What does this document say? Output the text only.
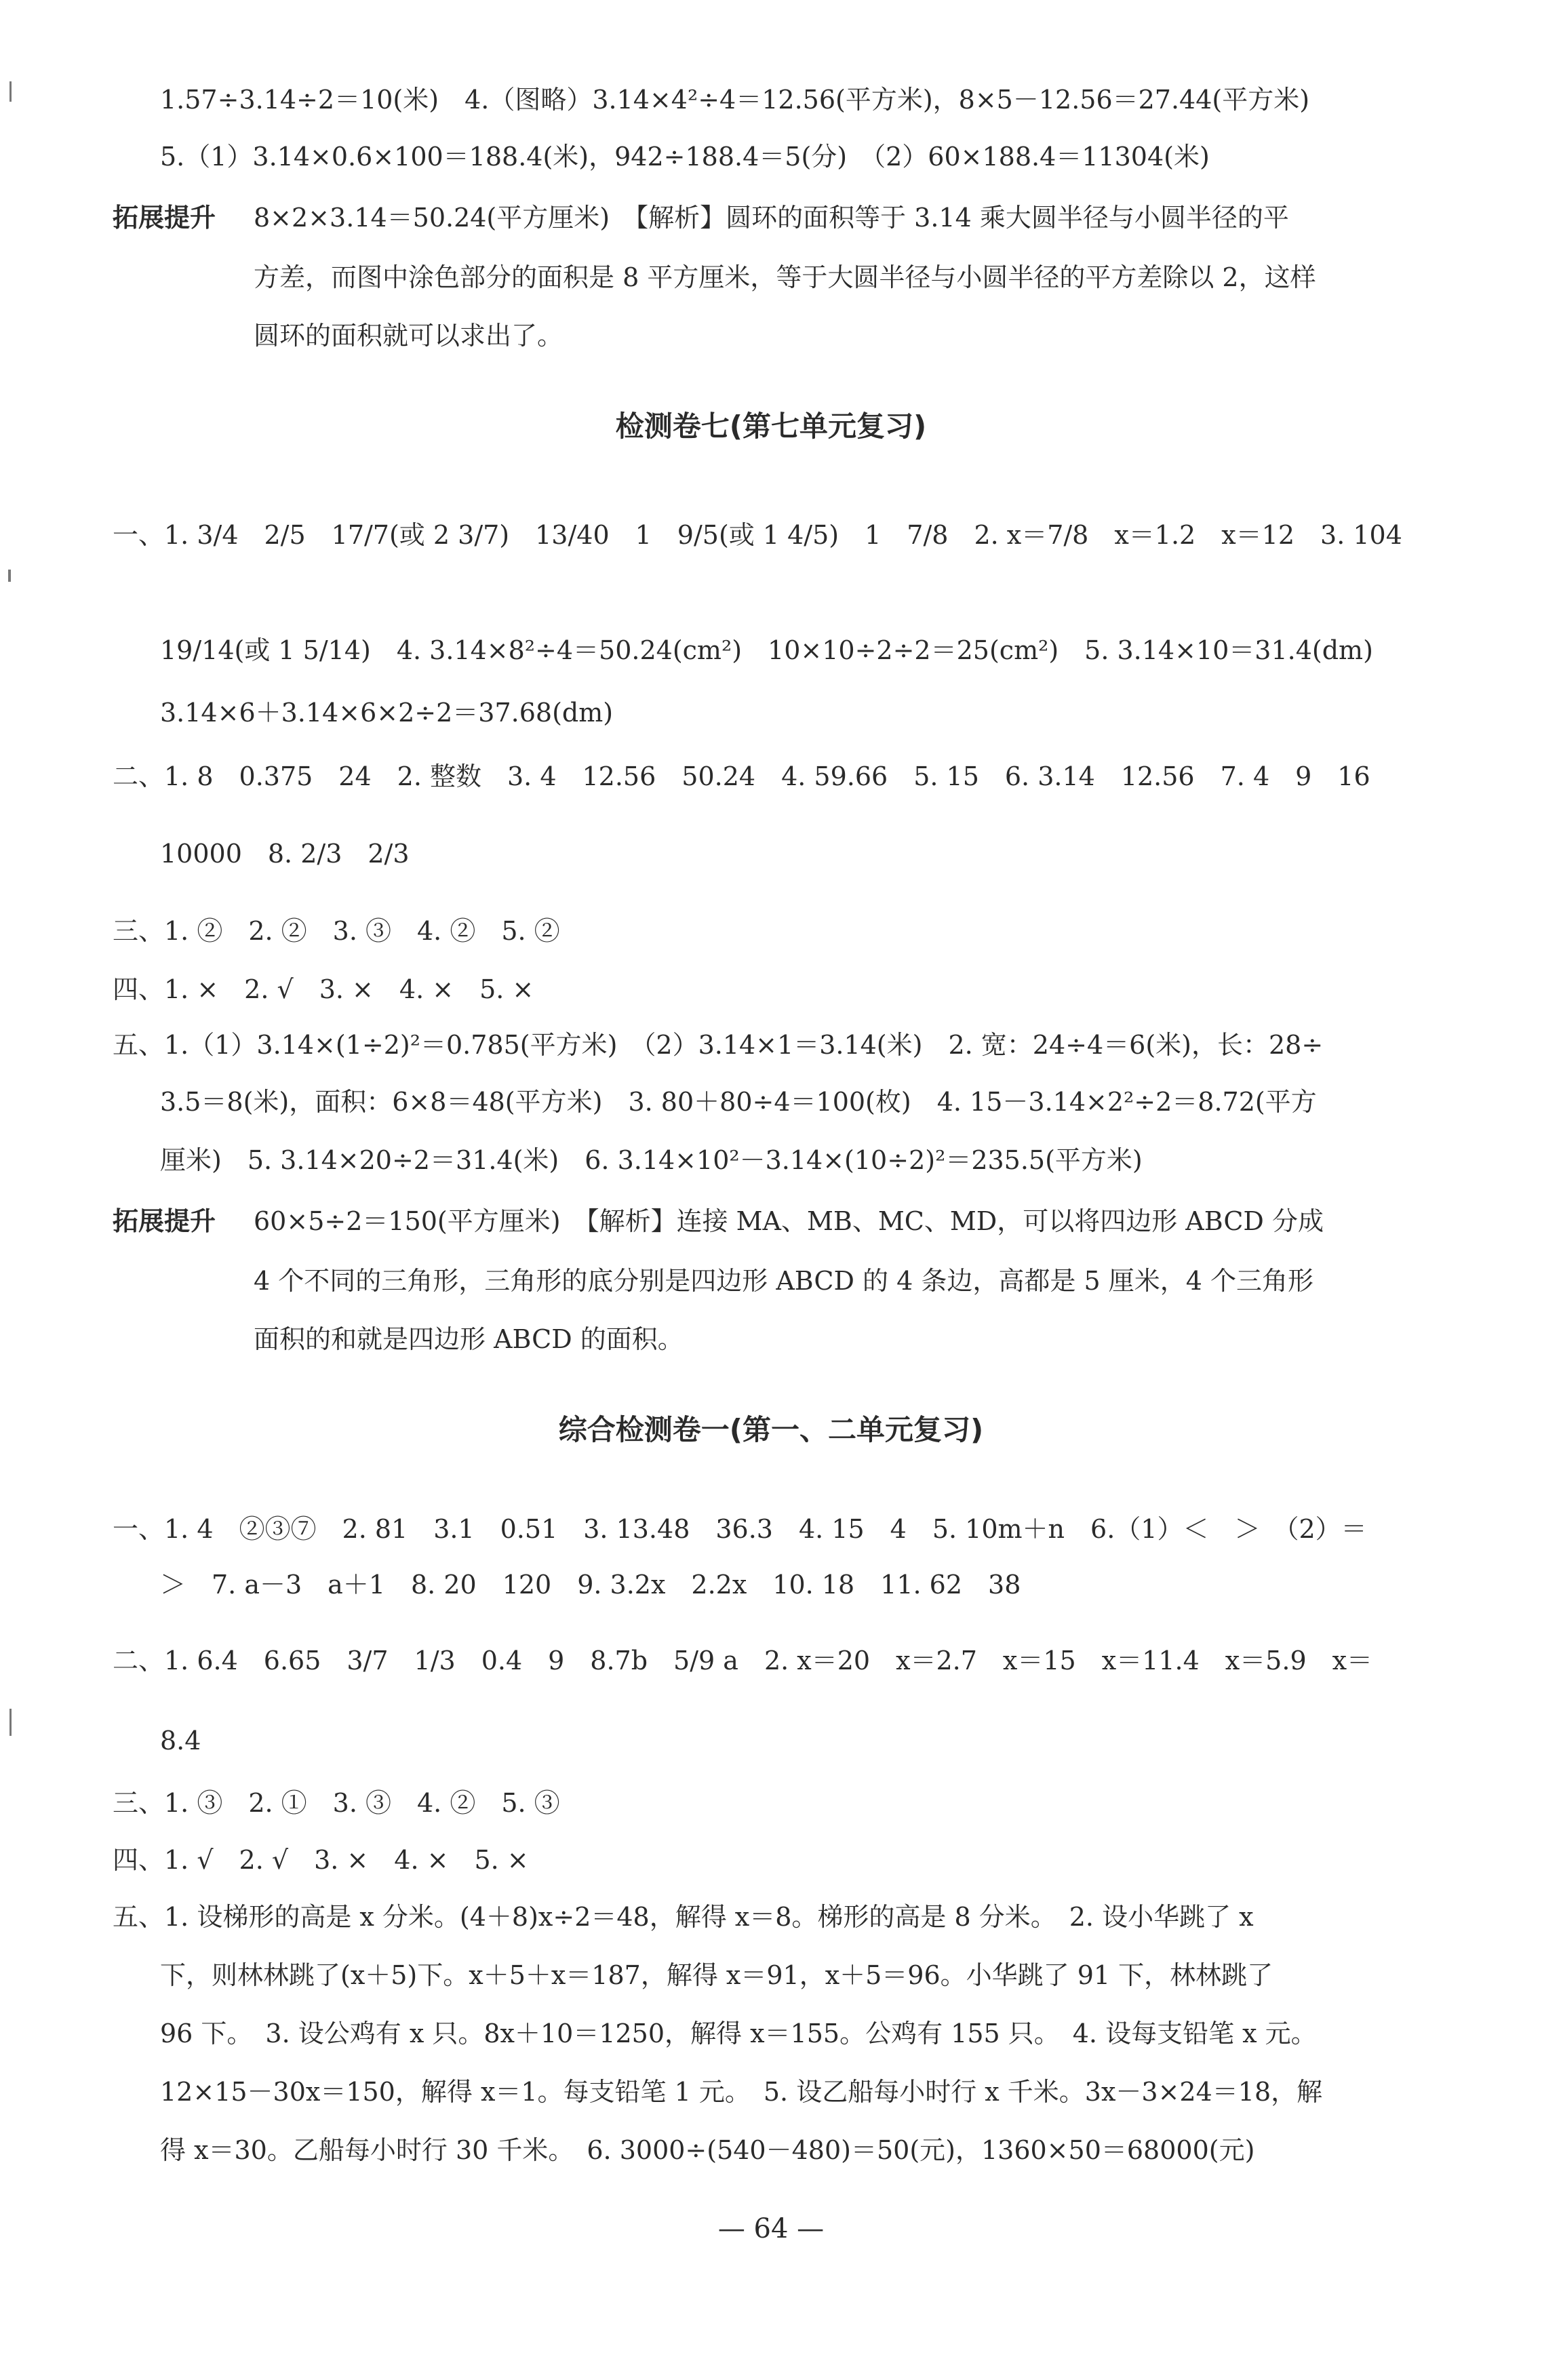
1.57÷3.14÷2＝10(米)　4.（图略）3.14×4²÷4＝12.56(平方米)，8×5－12.56＝27.44(平方米)
5.（1）3.14×0.6×100＝188.4(米)，942÷188.4＝5(分)　（2）60×188.4＝11304(米)
拓展提升 8×2×3.14＝50.24(平方厘米)　【解析】圆环的面积等于 3.14 乘大圆半径与小圆半径的平
方差，而图中涂色部分的面积是 8 平方厘米，等于大圆半径与小圆半径的平方差除以 2，这样
圆环的面积就可以求出了。
检测卷七(第七单元复习)
一、1. 3/4　2/5　17/7(或 2 3/7)　13/40　1　9/5(或 1 4/5)　1　7/8　2. x＝7/8　x＝1.2　x＝12　3. 104
19/14(或 1 5/14)　4. 3.14×8²÷4＝50.24(cm²)　10×10÷2÷2＝25(cm²)　5. 3.14×10＝31.4(dm)
3.14×6＋3.14×6×2÷2＝37.68(dm)
二、1. 8　0.375　24　2. 整数　3. 4　12.56　50.24　4. 59.66　5. 15　6. 3.14　12.56　7. 4　9　16
10000　8. 2/3　2/3
三、1. ②　2. ②　3. ③　4. ②　5. ②
四、1. ×　2. √　3. ×　4. ×　5. ×
五、1.（1）3.14×(1÷2)²＝0.785(平方米)　（2）3.14×1＝3.14(米)　2. 宽：24÷4＝6(米)，长：28÷
3.5＝8(米)，面积：6×8＝48(平方米)　3. 80＋80÷4＝100(枚)　4. 15－3.14×2²÷2＝8.72(平方
厘米)　5. 3.14×20÷2＝31.4(米)　6. 3.14×10²－3.14×(10÷2)²＝235.5(平方米)
拓展提升 60×5÷2＝150(平方厘米)　【解析】连接 MA、MB、MC、MD，可以将四边形 ABCD 分成
4 个不同的三角形，三角形的底分别是四边形 ABCD 的 4 条边，高都是 5 厘米，4 个三角形
面积的和就是四边形 ABCD 的面积。
综合检测卷一(第一、二单元复习)
一、1. 4　②③⑦　2. 81　3.1　0.51　3. 13.48　36.3　4. 15　4　5. 10m＋n　6.（1）＜　＞　（2）＝
＞　7. a－3　a＋1　8. 20　120　9. 3.2x　2.2x　10. 18　11. 62　38
二、1. 6.4　6.65　3/7　1/3　0.4　9　8.7b　5/9 a　2. x＝20　x＝2.7　x＝15　x＝11.4　x＝5.9　x＝
8.4
三、1. ③　2. ①　3. ③　4. ②　5. ③
四、1. √　2. √　3. ×　4. ×　5. ×
五、1. 设梯形的高是 x 分米。(4＋8)x÷2＝48，解得 x＝8。梯形的高是 8 分米。　2. 设小华跳了 x
下，则林林跳了(x＋5)下。x＋5＋x＝187，解得 x＝91，x＋5＝96。小华跳了 91 下，林林跳了
96 下。　3. 设公鸡有 x 只。8x＋10＝1250，解得 x＝155。公鸡有 155 只。　4. 设每支铅笔 x 元。
12×15－30x＝150，解得 x＝1。每支铅笔 1 元。　5. 设乙船每小时行 x 千米。3x－3×24＝18，解
得 x＝30。乙船每小时行 30 千米。　6. 3000÷(540－480)＝50(元)，1360×50＝68000(元)
— 64 —
